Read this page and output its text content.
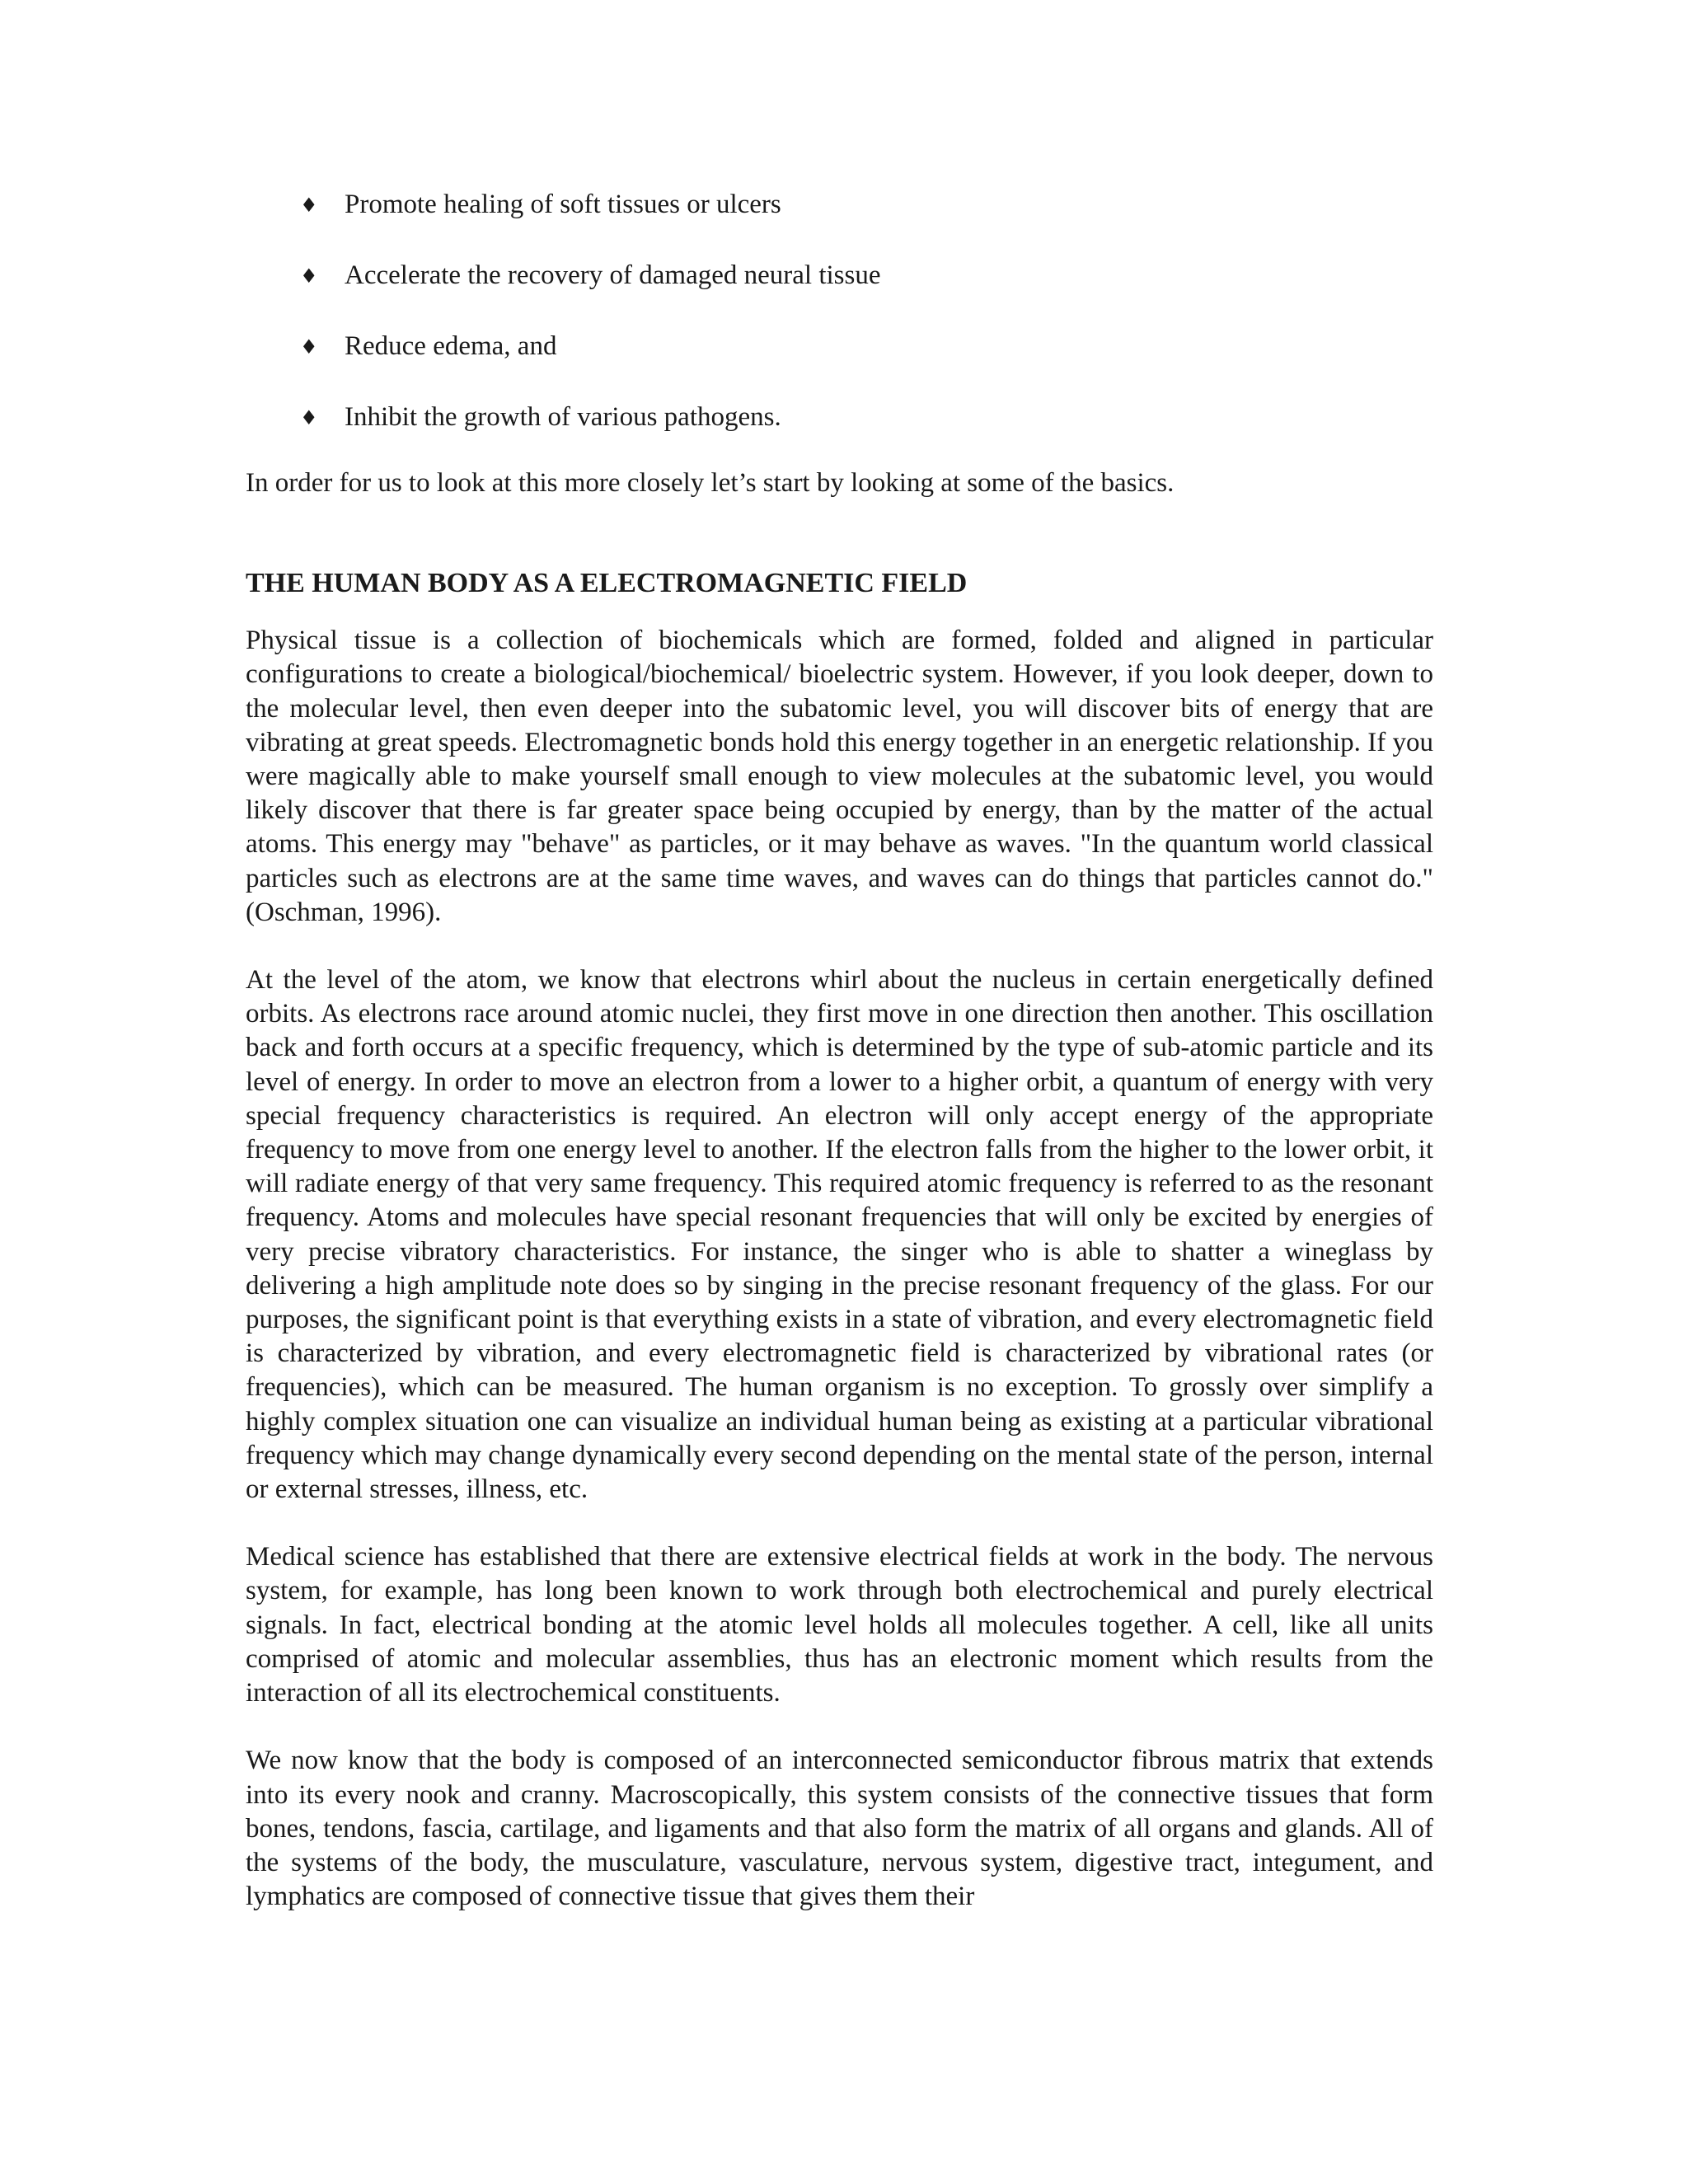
♦ Promote healing of soft tissues or ulcers
♦ Accelerate the recovery of damaged neural tissue
♦ Reduce edema, and
♦ Inhibit the growth of various pathogens.

In order for us to look at this more closely let’s start by looking at some of the basics.

THE HUMAN BODY AS A ELECTROMAGNETIC FIELD

Physical tissue is a collection of biochemicals which are formed, folded and aligned in particular configurations to create a biological/biochemical/ bioelectric system. However, if you look deeper, down to the molecular level, then even deeper into the subatomic level, you will discover bits of energy that are vibrating at great speeds. Electromagnetic bonds hold this energy together in an energetic relationship. If you were magically able to make yourself small enough to view molecules at the subatomic level, you would likely discover that there is far greater space being occupied by energy, than by the matter of the actual atoms. This energy may "behave" as particles, or it may behave as waves. "In the quantum world classical particles such as electrons are at the same time waves, and waves can do things that particles cannot do." (Oschman, 1996).

At the level of the atom, we know that electrons whirl about the nucleus in certain energetically defined orbits. As electrons race around atomic nuclei, they first move in one direction then another. This oscillation back and forth occurs at a specific frequency, which is determined by the type of sub-atomic particle and its level of energy. In order to move an electron from a lower to a higher orbit, a quantum of energy with very special frequency characteristics is required. An electron will only accept energy of the appropriate frequency to move from one energy level to another. If the electron falls from the higher to the lower orbit, it will radiate energy of that very same frequency. This required atomic frequency is referred to as the resonant frequency. Atoms and molecules have special resonant frequencies that will only be excited by energies of very precise vibratory characteristics. For instance, the singer who is able to shatter a wineglass by delivering a high amplitude note does so by singing in the precise resonant frequency of the glass. For our purposes, the significant point is that everything exists in a state of vibration, and every electromagnetic field is characterized by vibration, and every electromagnetic field is characterized by vibrational rates (or frequencies), which can be measured. The human organism is no exception. To grossly over simplify a highly complex situation one can visualize an individual human being as existing at a particular vibrational frequency which may change dynamically every second depending on the mental state of the person, internal or external stresses, illness, etc.

Medical science has established that there are extensive electrical fields at work in the body. The nervous system, for example, has long been known to work through both electrochemical and purely electrical signals. In fact, electrical bonding at the atomic level holds all molecules together. A cell, like all units comprised of atomic and molecular assemblies, thus has an electronic moment which results from the interaction of all its electrochemical constituents.

We now know that the body is composed of an interconnected semiconductor fibrous matrix that extends into its every nook and cranny. Macroscopically, this system consists of the connective tissues that form bones, tendons, fascia, cartilage, and ligaments and that also form the matrix of all organs and glands. All of the systems of the body, the musculature, vasculature, nervous system, digestive tract, integument, and lymphatics are composed of connective tissue that gives them their
